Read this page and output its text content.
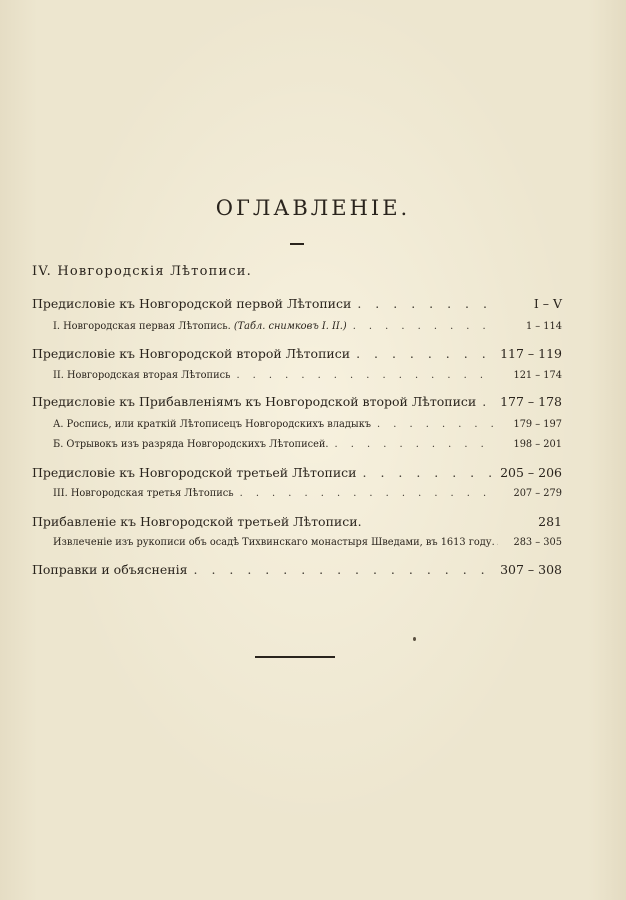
ОГЛАВЛЕНIЕ.
IV. Новгородскiя Лѣтописи.
Предисловiе къ Новгородской первой Лѣтописи . . .	I – V
I. Новгородская первая Лѣтопись. (Табл. снимковъ I. II.) . . .	1 – 114
Предисловiе къ Новгородской второй Лѣтописи . . .	117 – 119
II. Новгородская вторая Лѣтопись . . .	121 – 174
Предисловiе къ Прибавленiямъ къ Новгородской второй Лѣтописи . . . 177 – 178
А. Роспись, или краткiй Лѣтописецъ Новгородскихъ владыкъ . . .	179 – 197
Б. Отрывокъ изъ разряда Новгородскихъ Лѣтописей. . . .	198 – 201
Предисловiе къ Новгородской третьей Лѣтописи . . .	205 – 206
III. Новгородская третья Лѣтопись . . .	207 – 279
Прибавленiе къ Новгородской третьей Лѣтописи.	281
Извлеченiе изъ рукописи объ осадѣ Тихвинскаго монастыря Шведами, въ 1613 году. . . .	283 – 305
Поправки и объясненiя . . .	307 – 308
